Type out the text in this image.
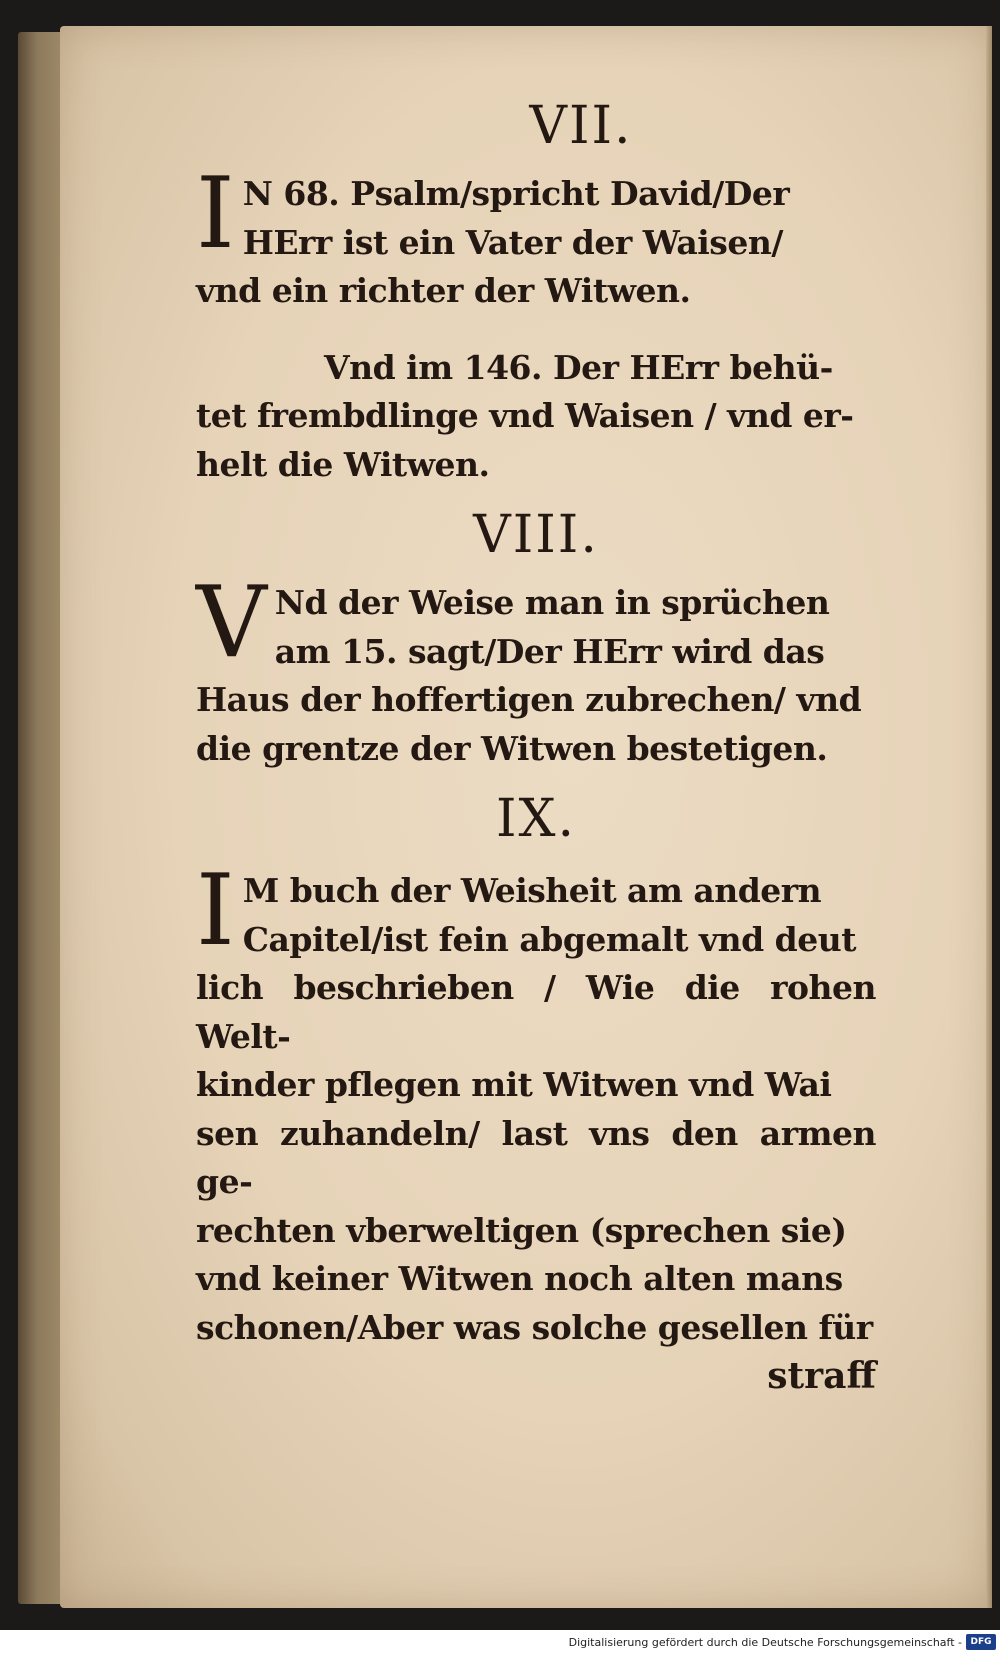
VII.

I N 68. Psalm/spricht David/Der

HErr ist ein Vater der Waisen/

vnd ein richter der Witwen.

Vnd im 146. Der HErr behü-

tet frembdlinge vnd Waisen / vnd er-

helt die Witwen.

VIII.

V Nd der Weise man in sprüchen

am 15. sagt/Der HErr wird das

Haus der hoffertigen zubrechen/ vnd

die grentze der Witwen bestetigen.

IX.

I M buch der Weisheit am andern

Capitel/ist fein abgemalt vnd deut

lich beschrieben / Wie die rohen Welt-

kinder pflegen mit Witwen vnd Wai

sen zuhandeln/ last vns den armen ge-

rechten vberweltigen (sprechen sie)

vnd keiner Witwen noch alten mans

schonen/Aber was solche gesellen für

straff

Digitalisierung gefördert durch die Deutsche Forschungsgemeinschaft - DFG
